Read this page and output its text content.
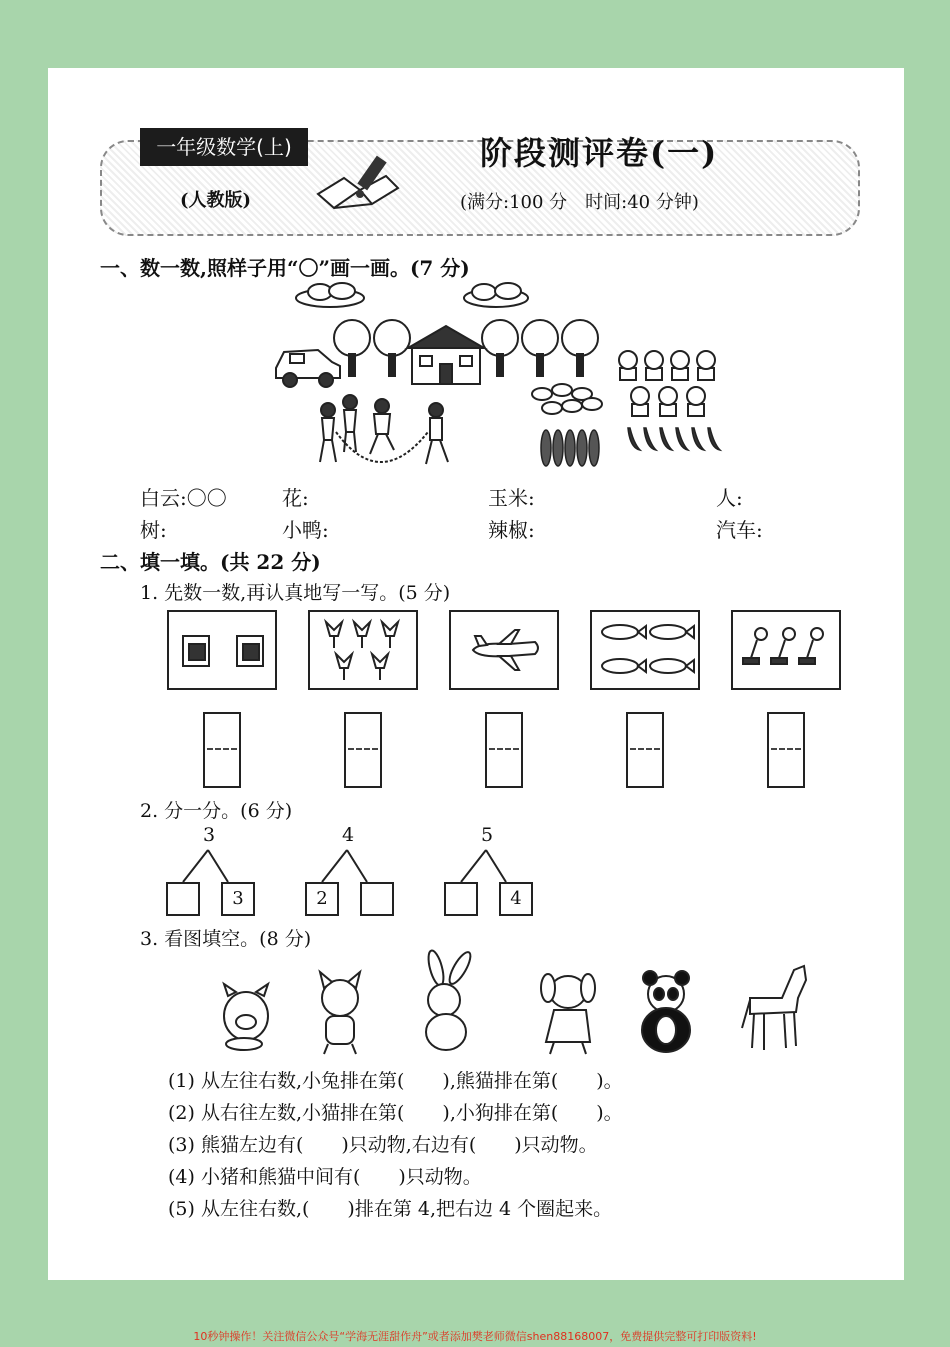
一年级数学(上)
(人教版)
阶段测评卷(一)
(满分:100 分　时间:40 分钟)
一、数一数,照样子用“〇”画一画。(7 分)
白云:〇〇	花:	玉米:	人:
树:	小鸭:	辣椒:	汽车:
二、填一填。(共 22 分)
1. 先数一数,再认真地写一写。(5 分)
2. 分一分。(6 分)
3
3
4
2
5
4
3. 看图填空。(8 分)
(1) 从左往右数,小兔排在第(　　),熊猫排在第(　　)。
(2) 从右往左数,小猫排在第(　　),小狗排在第(　　)。
(3) 熊猫左边有(　　)只动物,右边有(　　)只动物。
(4) 小猪和熊猫中间有(　　)只动物。
(5) 从左往右数,(　　)排在第 4,把右边 4 个圈起来。
10秒钟操作！关注微信公众号“学海无涯甜作舟”或者添加樊老师微信shen88168007，免费提供完整可打印版资料!
